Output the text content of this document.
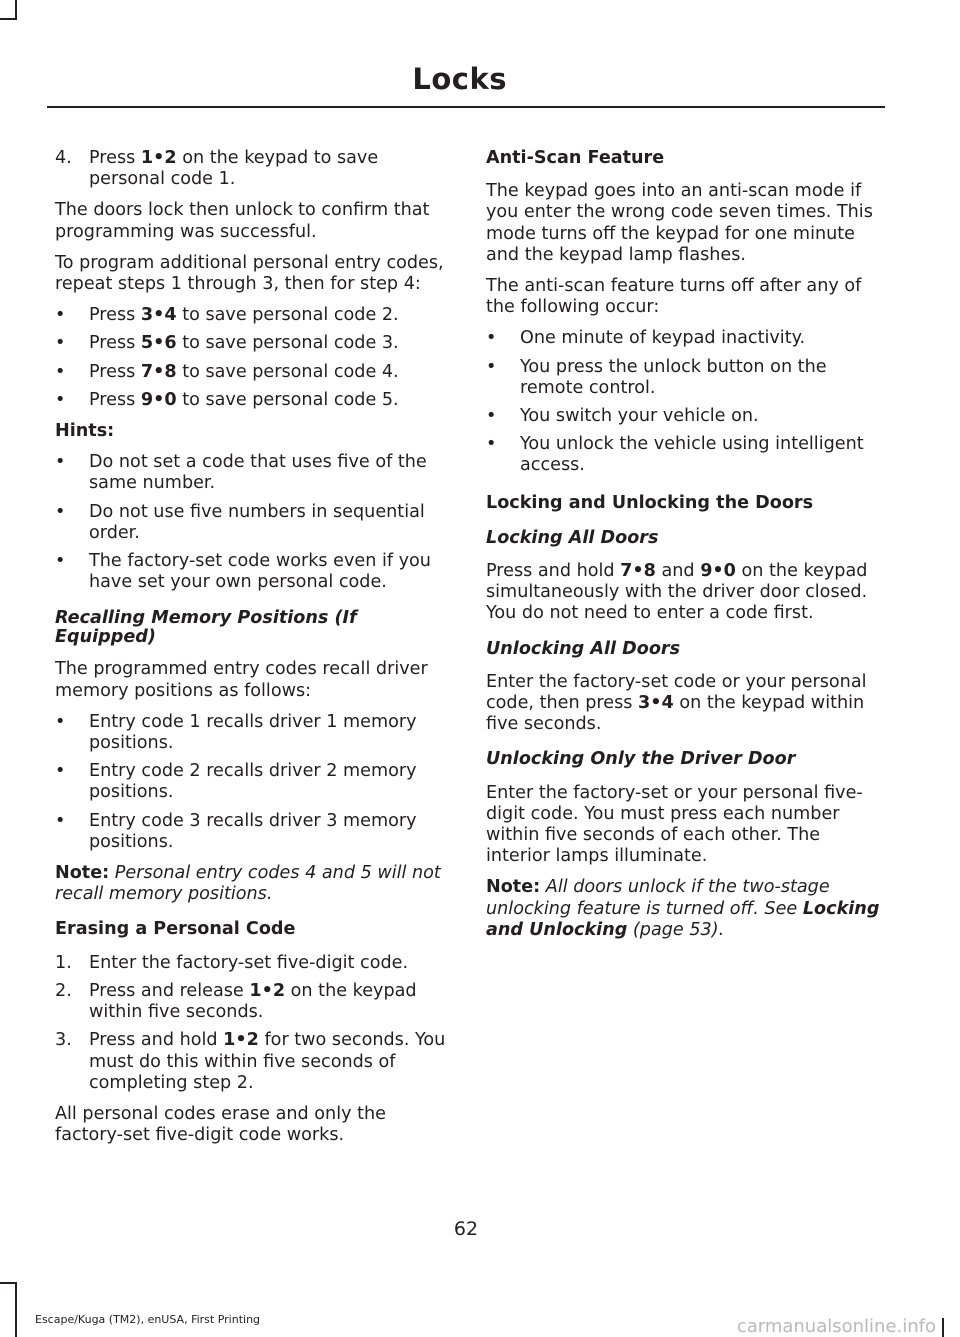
Locks
4. Press 1•2 on the keypad to save personal code 1.

The doors lock then unlock to confirm that programming was successful.

To program additional personal entry codes, repeat steps 1 through 3, then for step 4:

• Press 3•4 to save personal code 2.
• Press 5•6 to save personal code 3.
• Press 7•8 to save personal code 4.
• Press 9•0 to save personal code 5.

Hints:

• Do not set a code that uses five of the same number.
• Do not use five numbers in sequential order.
• The factory-set code works even if you have set your own personal code.

Recalling Memory Positions (If Equipped)

The programmed entry codes recall driver memory positions as follows:

• Entry code 1 recalls driver 1 memory positions.
• Entry code 2 recalls driver 2 memory positions.
• Entry code 3 recalls driver 3 memory positions.

Note: Personal entry codes 4 and 5 will not recall memory positions.

Erasing a Personal Code

1. Enter the factory-set five-digit code.
2. Press and release 1•2 on the keypad within five seconds.
3. Press and hold 1•2 for two seconds. You must do this within five seconds of completing step 2.

All personal codes erase and only the factory-set five-digit code works.

Anti-Scan Feature

The keypad goes into an anti-scan mode if you enter the wrong code seven times. This mode turns off the keypad for one minute and the keypad lamp flashes.

The anti-scan feature turns off after any of the following occur:

• One minute of keypad inactivity.
• You press the unlock button on the remote control.
• You switch your vehicle on.
• You unlock the vehicle using intelligent access.

Locking and Unlocking the Doors

Locking All Doors

Press and hold 7•8 and 9•0 on the keypad simultaneously with the driver door closed. You do not need to enter a code first.

Unlocking All Doors

Enter the factory-set code or your personal code, then press 3•4 on the keypad within five seconds.

Unlocking Only the Driver Door

Enter the factory-set or your personal five-digit code. You must press each number within five seconds of each other. The interior lamps illuminate.

Note: All doors unlock if the two-stage unlocking feature is turned off. See Locking and Unlocking (page 53).

62
Escape/Kuga (TM2), enUSA, First Printing	carmanualsonline.info
